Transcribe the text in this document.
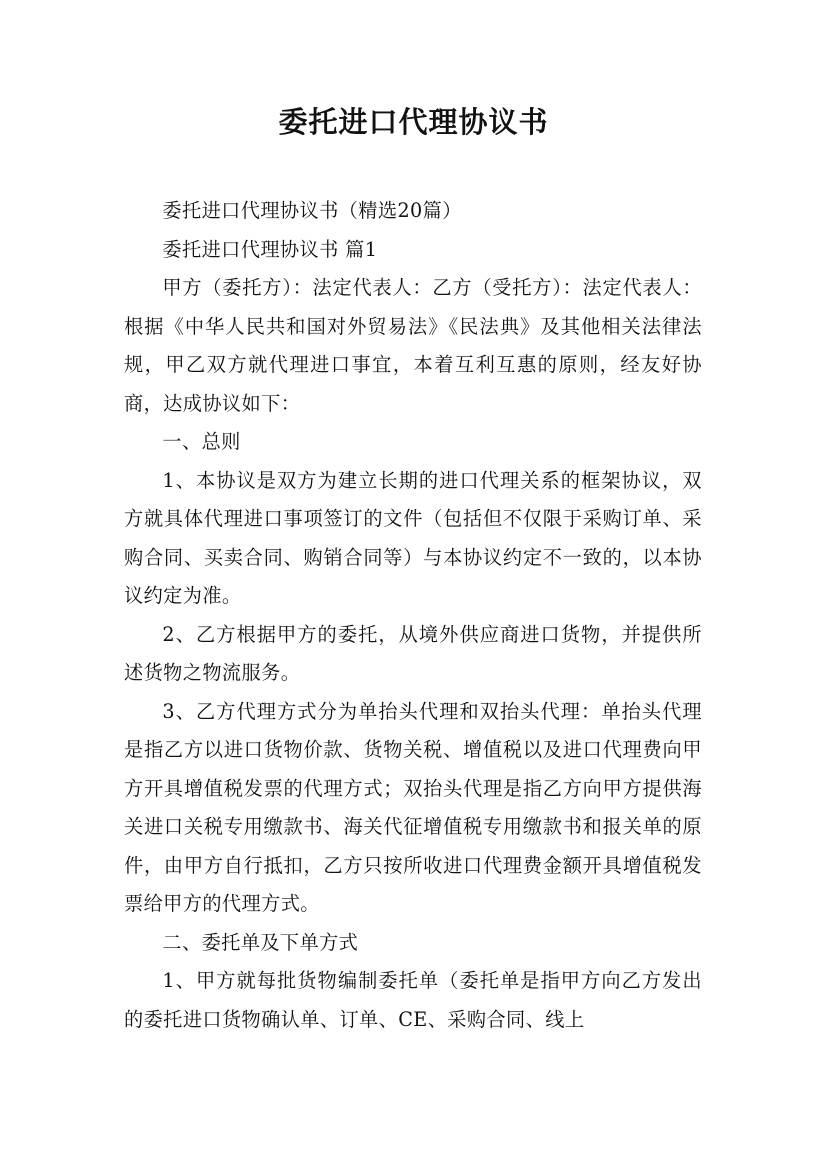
委托进口代理协议书

委托进口代理协议书（精选20篇）

委托进口代理协议书 篇1

甲方（委托方）：法定代表人：乙方（受托方）：法定代表人：根据《中华人民共和国对外贸易法》《民法典》及其他相关法律法规，甲乙双方就代理进口事宜，本着互利互惠的原则，经友好协商，达成协议如下：

一、总则

1、本协议是双方为建立长期的进口代理关系的框架协议，双方就具体代理进口事项签订的文件（包括但不仅限于采购订单、采购合同、买卖合同、购销合同等）与本协议约定不一致的，以本协议约定为准。

2、乙方根据甲方的委托，从境外供应商进口货物，并提供所述货物之物流服务。

3、乙方代理方式分为单抬头代理和双抬头代理：单抬头代理是指乙方以进口货物价款、货物关税、增值税以及进口代理费向甲方开具增值税发票的代理方式；双抬头代理是指乙方向甲方提供海关进口关税专用缴款书、海关代征增值税专用缴款书和报关单的原件，由甲方自行抵扣，乙方只按所收进口代理费金额开具增值税发票给甲方的代理方式。

二、委托单及下单方式

1、甲方就每批货物编制委托单（委托单是指甲方向乙方发出的委托进口货物确认单、订单、CE、采购合同、线上
